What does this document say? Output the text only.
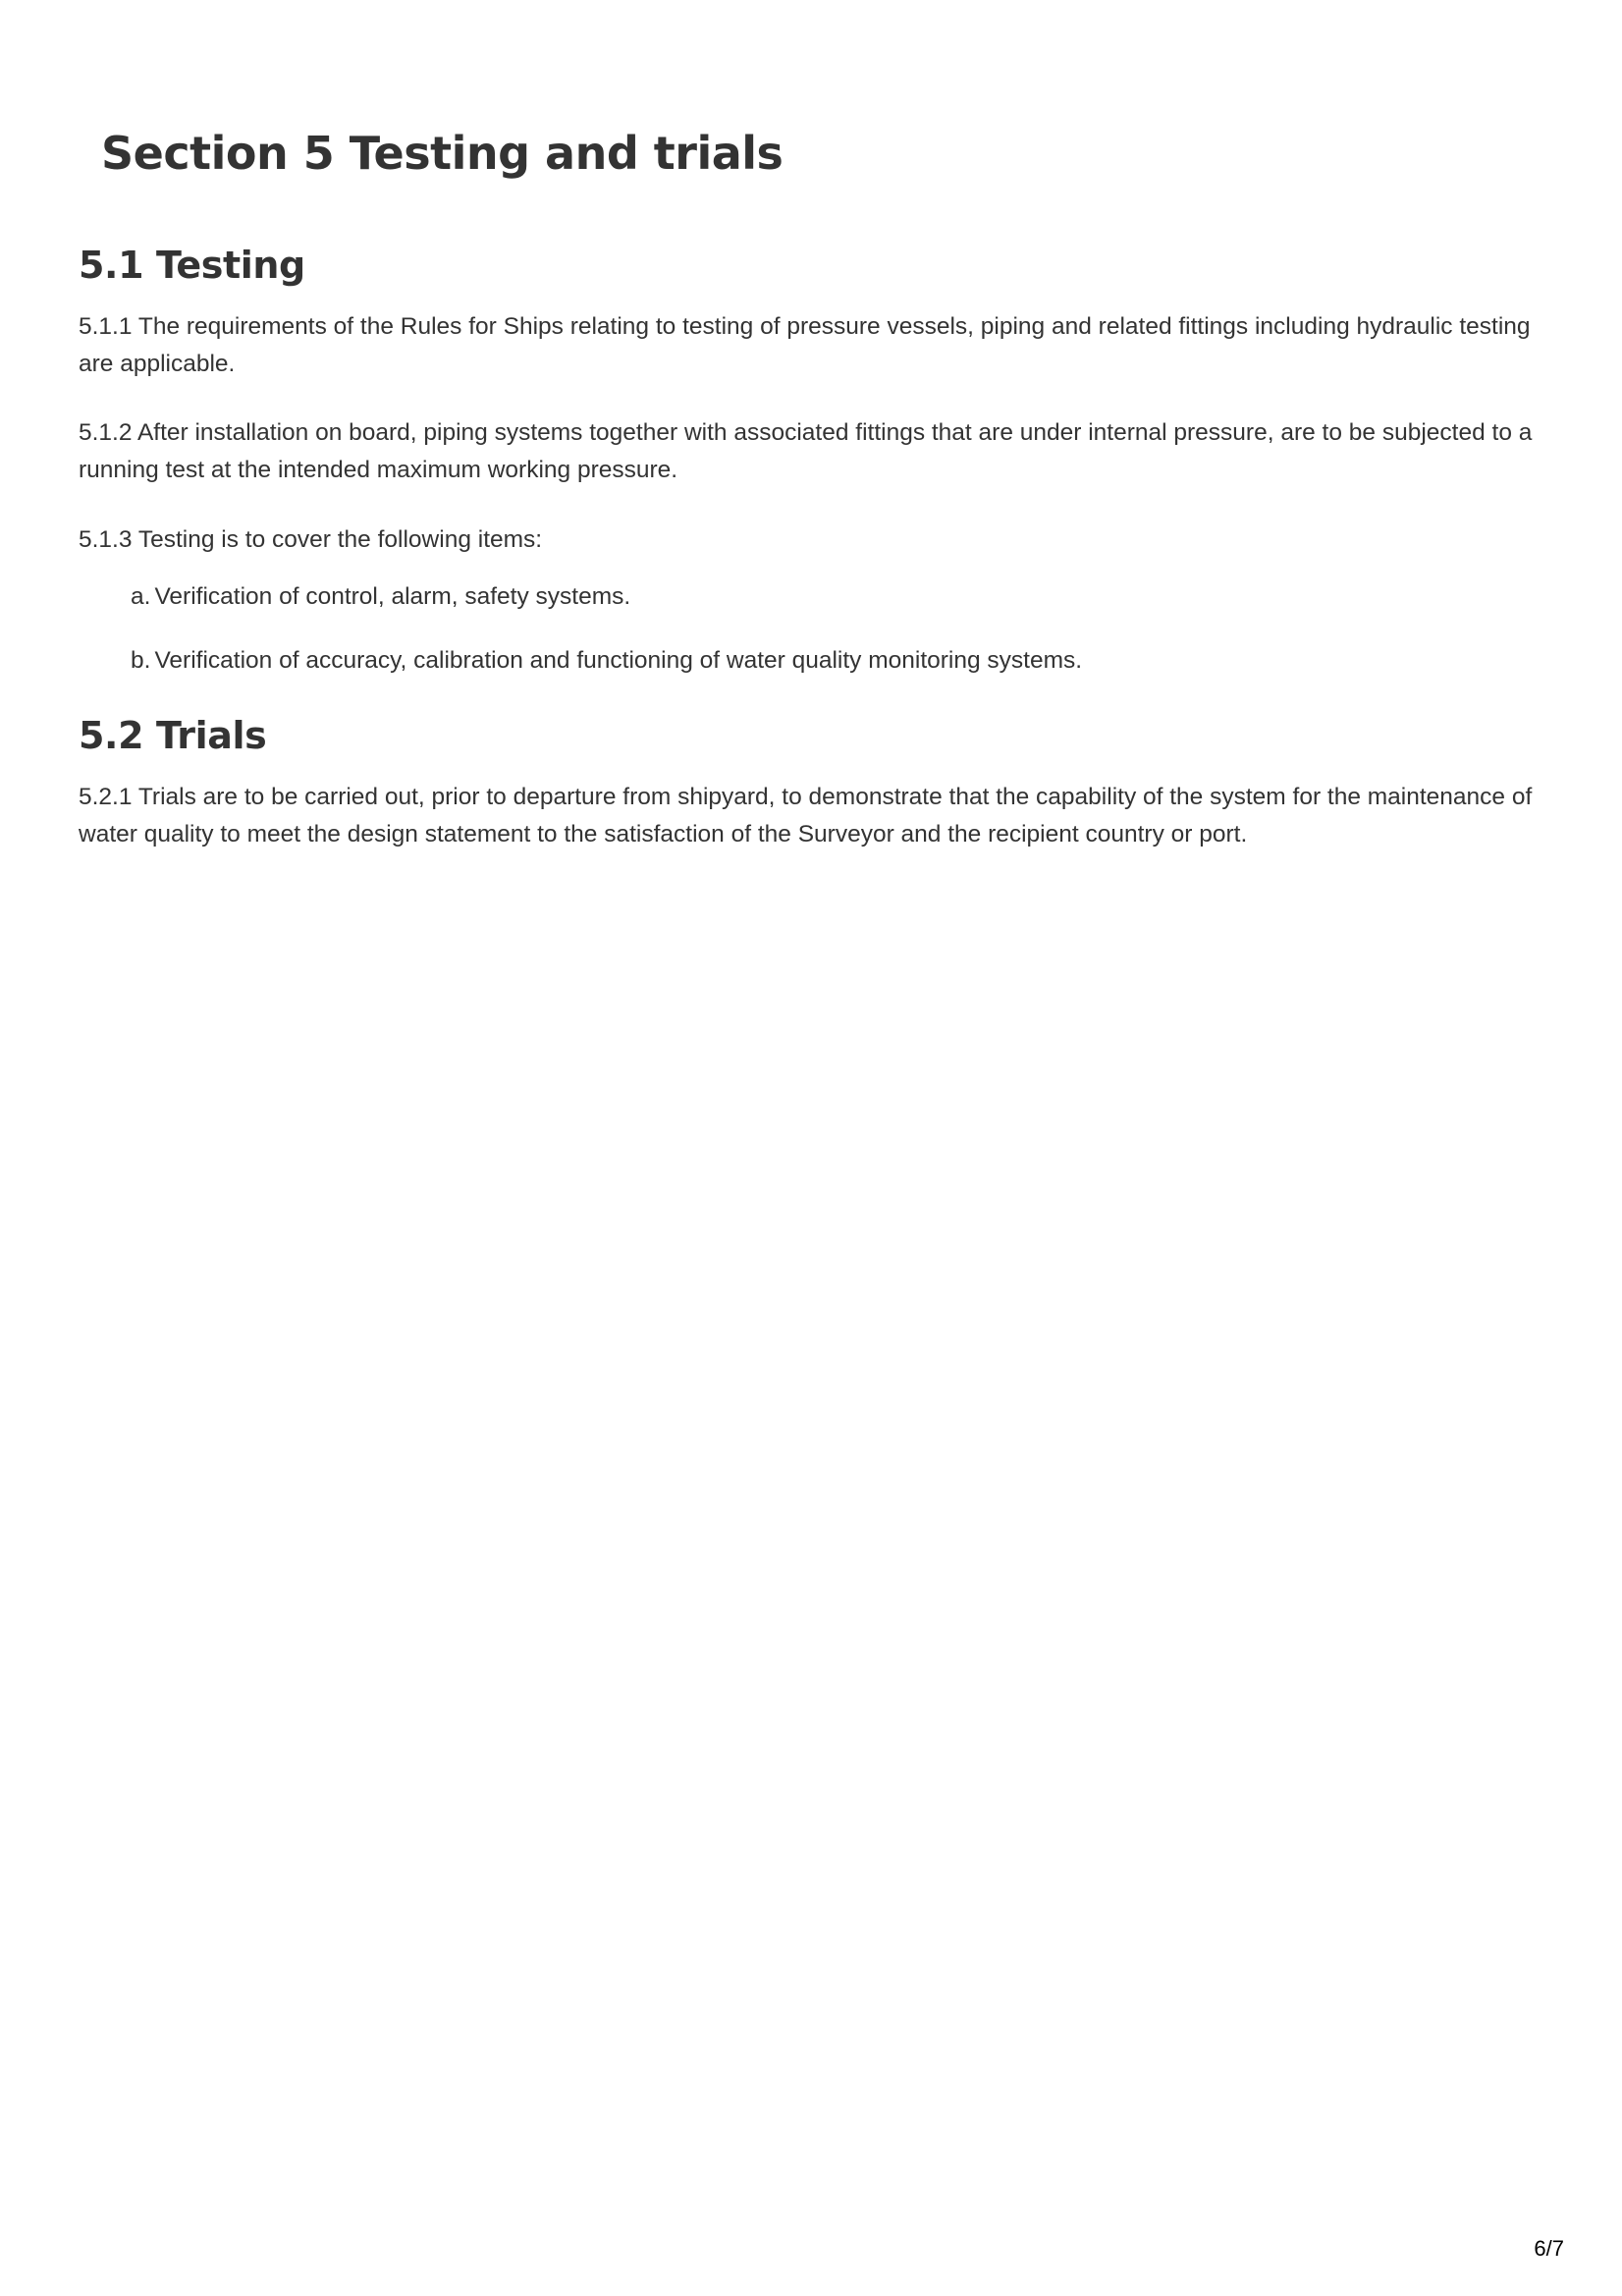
Section 5 Testing and trials
5.1 Testing

5.1.1 The requirements of the Rules for Ships relating to testing of pressure vessels, piping and related fittings including hydraulic testing are applicable.

5.1.2 After installation on board, piping systems together with associated fittings that are under internal pressure, are to be subjected to a running test at the intended maximum working pressure.

5.1.3 Testing is to cover the following items:

a. Verification of control, alarm, safety systems.
b. Verification of accuracy, calibration and functioning of water quality monitoring systems.
5.2 Trials

5.2.1 Trials are to be carried out, prior to departure from shipyard, to demonstrate that the capability of the system for the maintenance of water quality to meet the design statement to the satisfaction of the Surveyor and the recipient country or port.

6/7
